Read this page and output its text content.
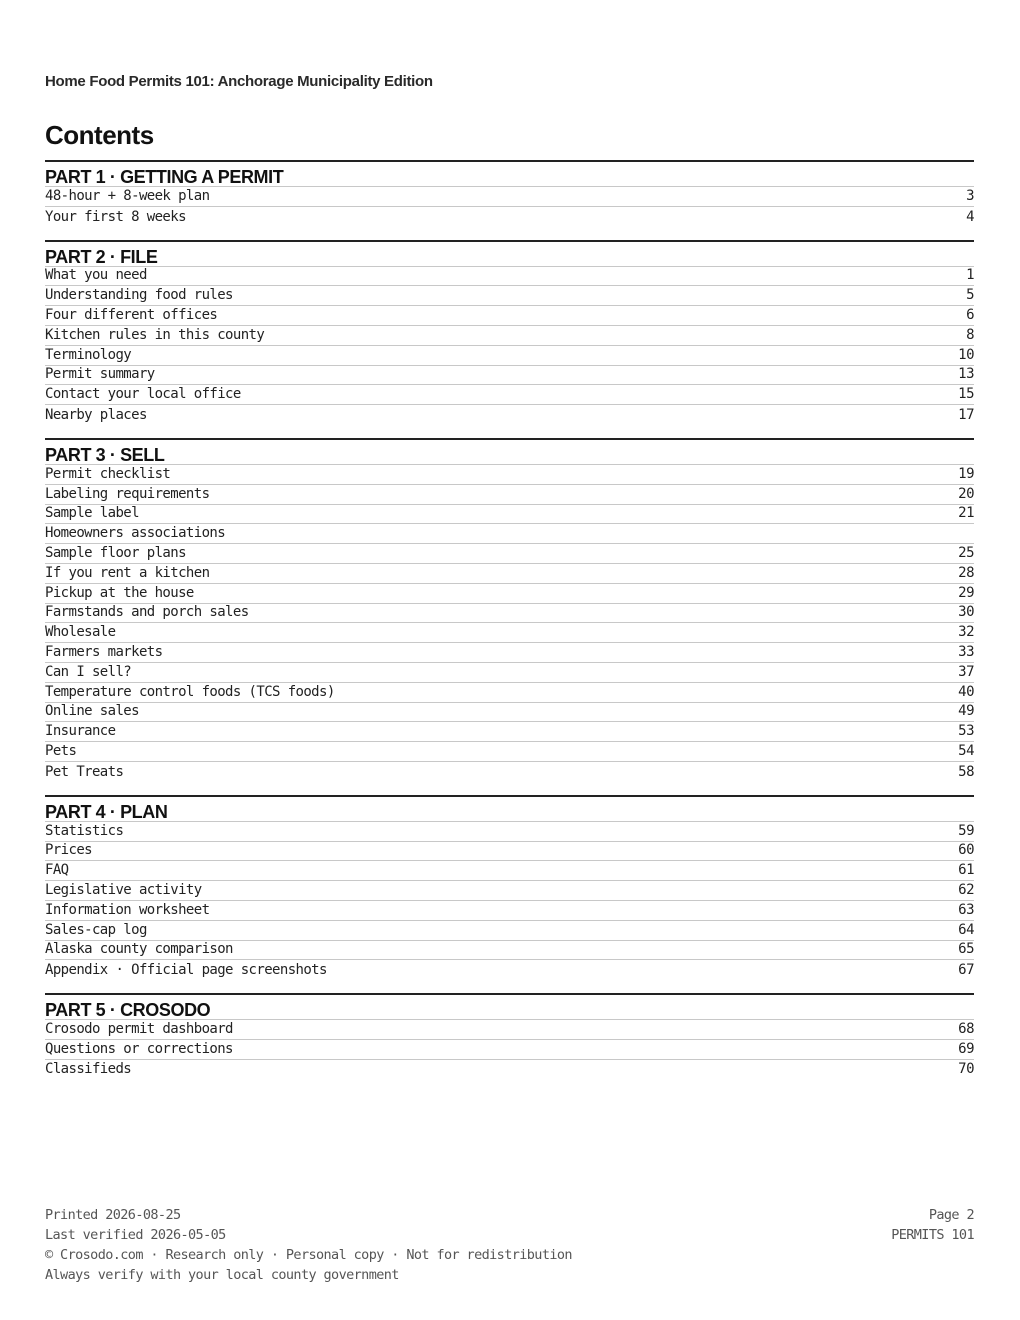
Home Food Permits 101: Anchorage Municipality Edition
Contents
PART 1 · GETTING A PERMIT
48-hour + 8-week plan	3
Your first 8 weeks	4
PART 2 · FILE
What you need	1
Understanding food rules	5
Four different offices	6
Kitchen rules in this county	8
Terminology	10
Permit summary	13
Contact your local office	15
Nearby places	17
PART 3 · SELL
Permit checklist	19
Labeling requirements	20
Sample label	21
Homeowners associations
Sample floor plans	25
If you rent a kitchen	28
Pickup at the house	29
Farmstands and porch sales	30
Wholesale	32
Farmers markets	33
Can I sell?	37
Temperature control foods (TCS foods)	40
Online sales	49
Insurance	53
Pets	54
Pet Treats	58
PART 4 · PLAN
Statistics	59
Prices	60
FAQ	61
Legislative activity	62
Information worksheet	63
Sales-cap log	64
Alaska county comparison	65
Appendix · Official page screenshots	67
PART 5 · CROSODO
Crosodo permit dashboard	68
Questions or corrections	69
Classifieds	70
Printed 2026-08-25
Last verified 2026-05-05
© Crosodo.com · Research only · Personal copy · Not for redistribution
Always verify with your local county government
Page 2
PERMITS 101
